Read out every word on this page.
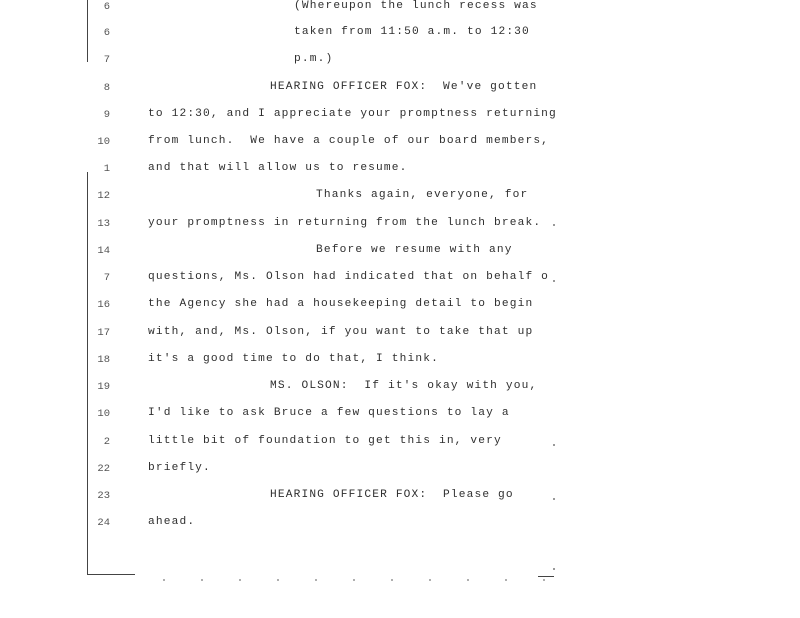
6	(Whereupon the lunch recess was
6	taken from 11:50 a.m. to 12:30
7	p.m.)
8	HEARING OFFICER FOX:  We've gotten
9	to 12:30, and I appreciate your promptness returning
10	from lunch.  We have a couple of our board members,
1	and that will allow us to resume.
12	Thanks again, everyone, for
13	your promptness in returning from the lunch break.
14	Before we resume with any
7	questions, Ms. Olson had indicated that on behalf o
16	the Agency she had a housekeeping detail to begin
17	with, and, Ms. Olson, if you want to take that up
18	it's a good time to do that, I think.
19	MS. OLSON:  If it's okay with you,
10	I'd like to ask Bruce a few questions to lay a
2	little bit of foundation to get this in, very
22	briefly.
23	HEARING OFFICER FOX:  Please go
24	ahead.
